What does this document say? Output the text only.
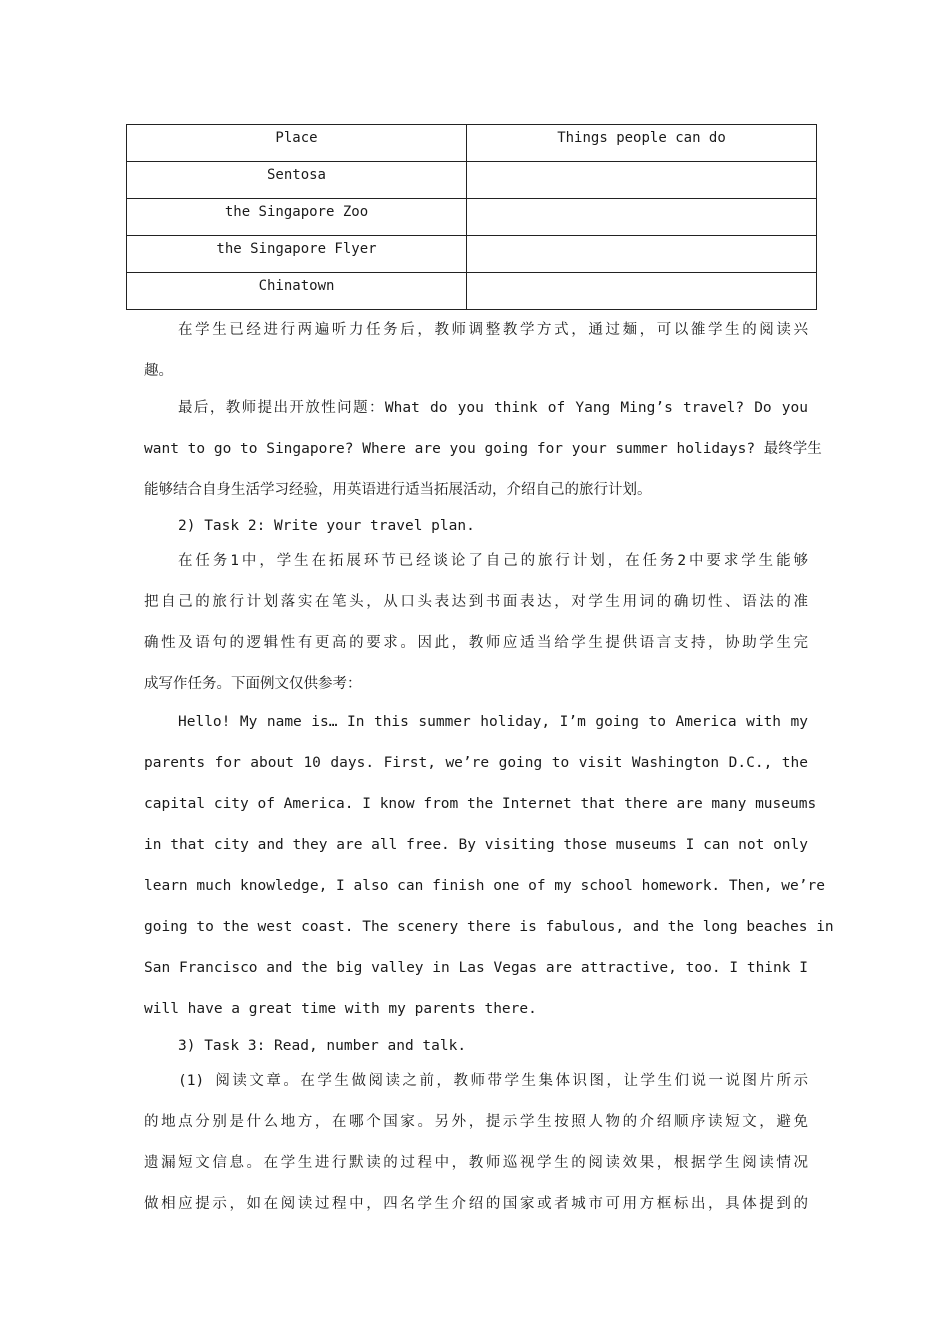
Place	Things people can do
Sentosa	
the Singapore Zoo	
the Singapore Flyer	
Chinatown	
在学生已经进行两遍听力任务后，教师调整教学方式，通过麺，可以雒学生的阅读兴
趣。
最后，教师提出开放性问题：What do you think of Yang Ming’s travel? Do you
want to go to Singapore? Where are you going for your summer holidays? 最终学生
能够结合自身生活学习经验，用英语进行适当拓展活动，介绍自己的旅行计划。
2) Task 2: Write your travel plan.
在任务1中，学生在拓展环节已经谈论了自己的旅行计划，在任务2中要求学生能够
把自己的旅行计划落实在笔头，从口头表达到书面表达，对学生用词的确切性、语法的准
确性及语句的逻辑性有更高的要求。因此，教师应适当给学生提供语言支持，协助学生完
成写作任务。下面例文仅供参考：
Hello! My name is… In this summer holiday, I’m going to America with my
parents for about 10 days. First, we’re going to visit Washington D.C., the
capital city of America. I know from the Internet that there are many museums
in that city and they are all free. By visiting those museums I can not only
learn much knowledge, I also can finish one of my school homework. Then, we’re
going to the west coast. The scenery there is fabulous, and the long beaches in
San Francisco and the big valley in Las Vegas are attractive, too. I think I
will have a great time with my parents there.
3) Task 3: Read, number and talk.
(1) 阅读文章。在学生做阅读之前，教师带学生集体识图，让学生们说一说图片所示
的地点分别是什么地方，在哪个国家。另外，提示学生按照人物的介绍顺序读短文，避免
遗漏短文信息。在学生进行默读的过程中，教师巡视学生的阅读效果，根据学生阅读情况
做相应提示，如在阅读过程中，四名学生介绍的国家或者城市可用方框标出，具体提到的
